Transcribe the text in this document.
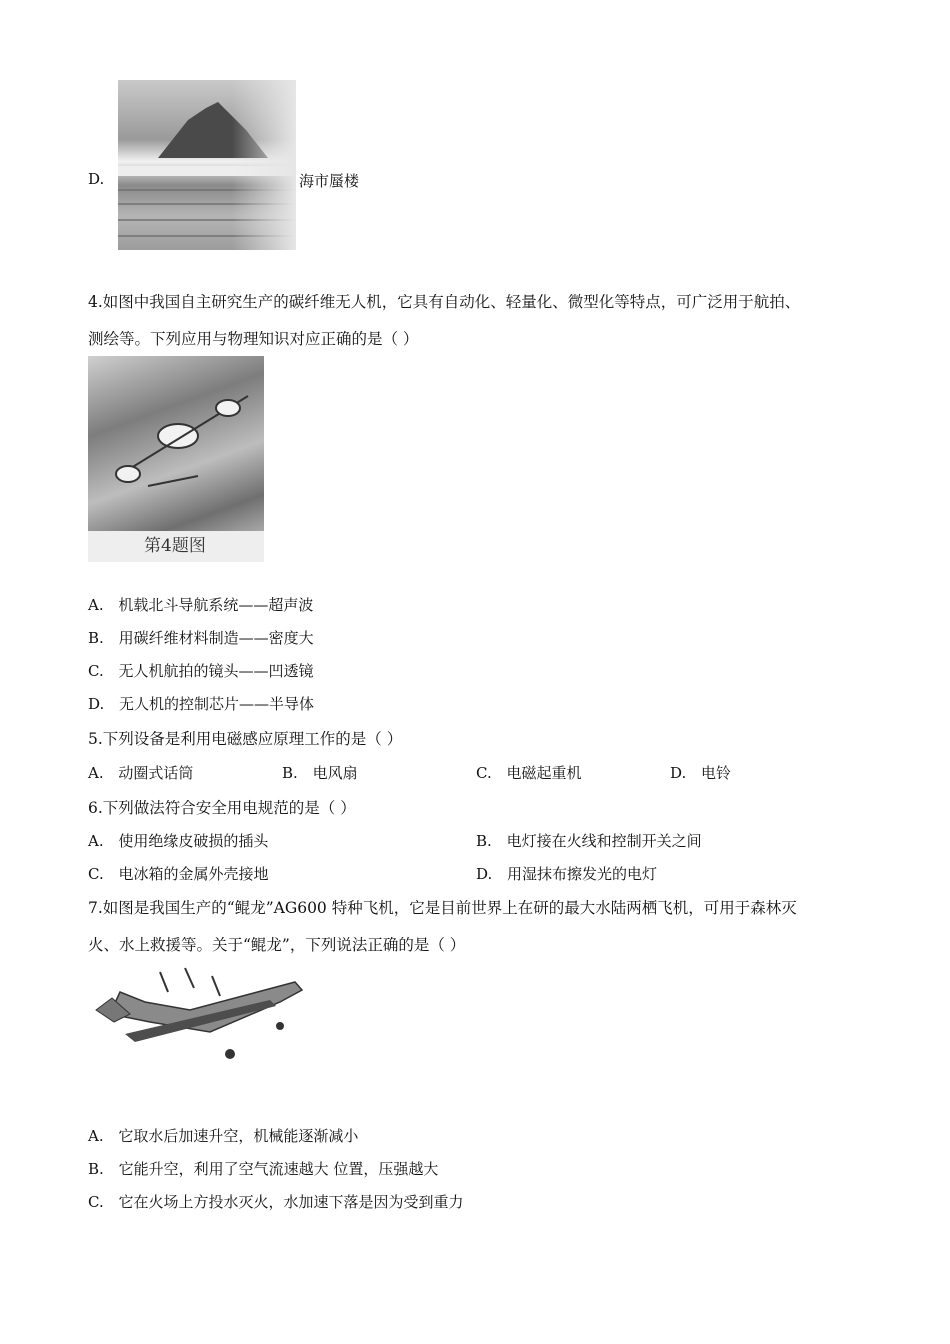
D.	海市蜃楼
4.如图中我国自主研究生产的碳纤维无人机，它具有自动化、轻量化、微型化等特点，可广泛用于航拍、
测绘等。下列应用与物理知识对应正确的是（ ）
第4题图
A. 机载北斗导航系统——超声波
B. 用碳纤维材料制造——密度大
C. 无人机航拍的镜头——凹透镜
D. 无人机的控制芯片——半导体
5.下列设备是利用电磁感应原理工作的是（ ）
A. 动圈式话筒	B. 电风扇	C. 电磁起重机	D. 电铃
6.下列做法符合安全用电规范的是（ ）
A. 使用绝缘皮破损的插头	B. 电灯接在火线和控制开关之间
C. 电冰箱的金属外壳接地	D. 用湿抹布擦发光的电灯
7.如图是我国生产的“鲲龙”AG600 特种飞机，它是目前世界上在研的最大水陆两栖飞机，可用于森林灭
火、水上救援等。关于“鲲龙”，下列说法正确的是（ ）
A. 它取水后加速升空，机械能逐渐减小
B. 它能升空，利用了空气流速越大 位置，压强越大
C. 它在火场上方投水灭火，水加速下落是因为受到重力
